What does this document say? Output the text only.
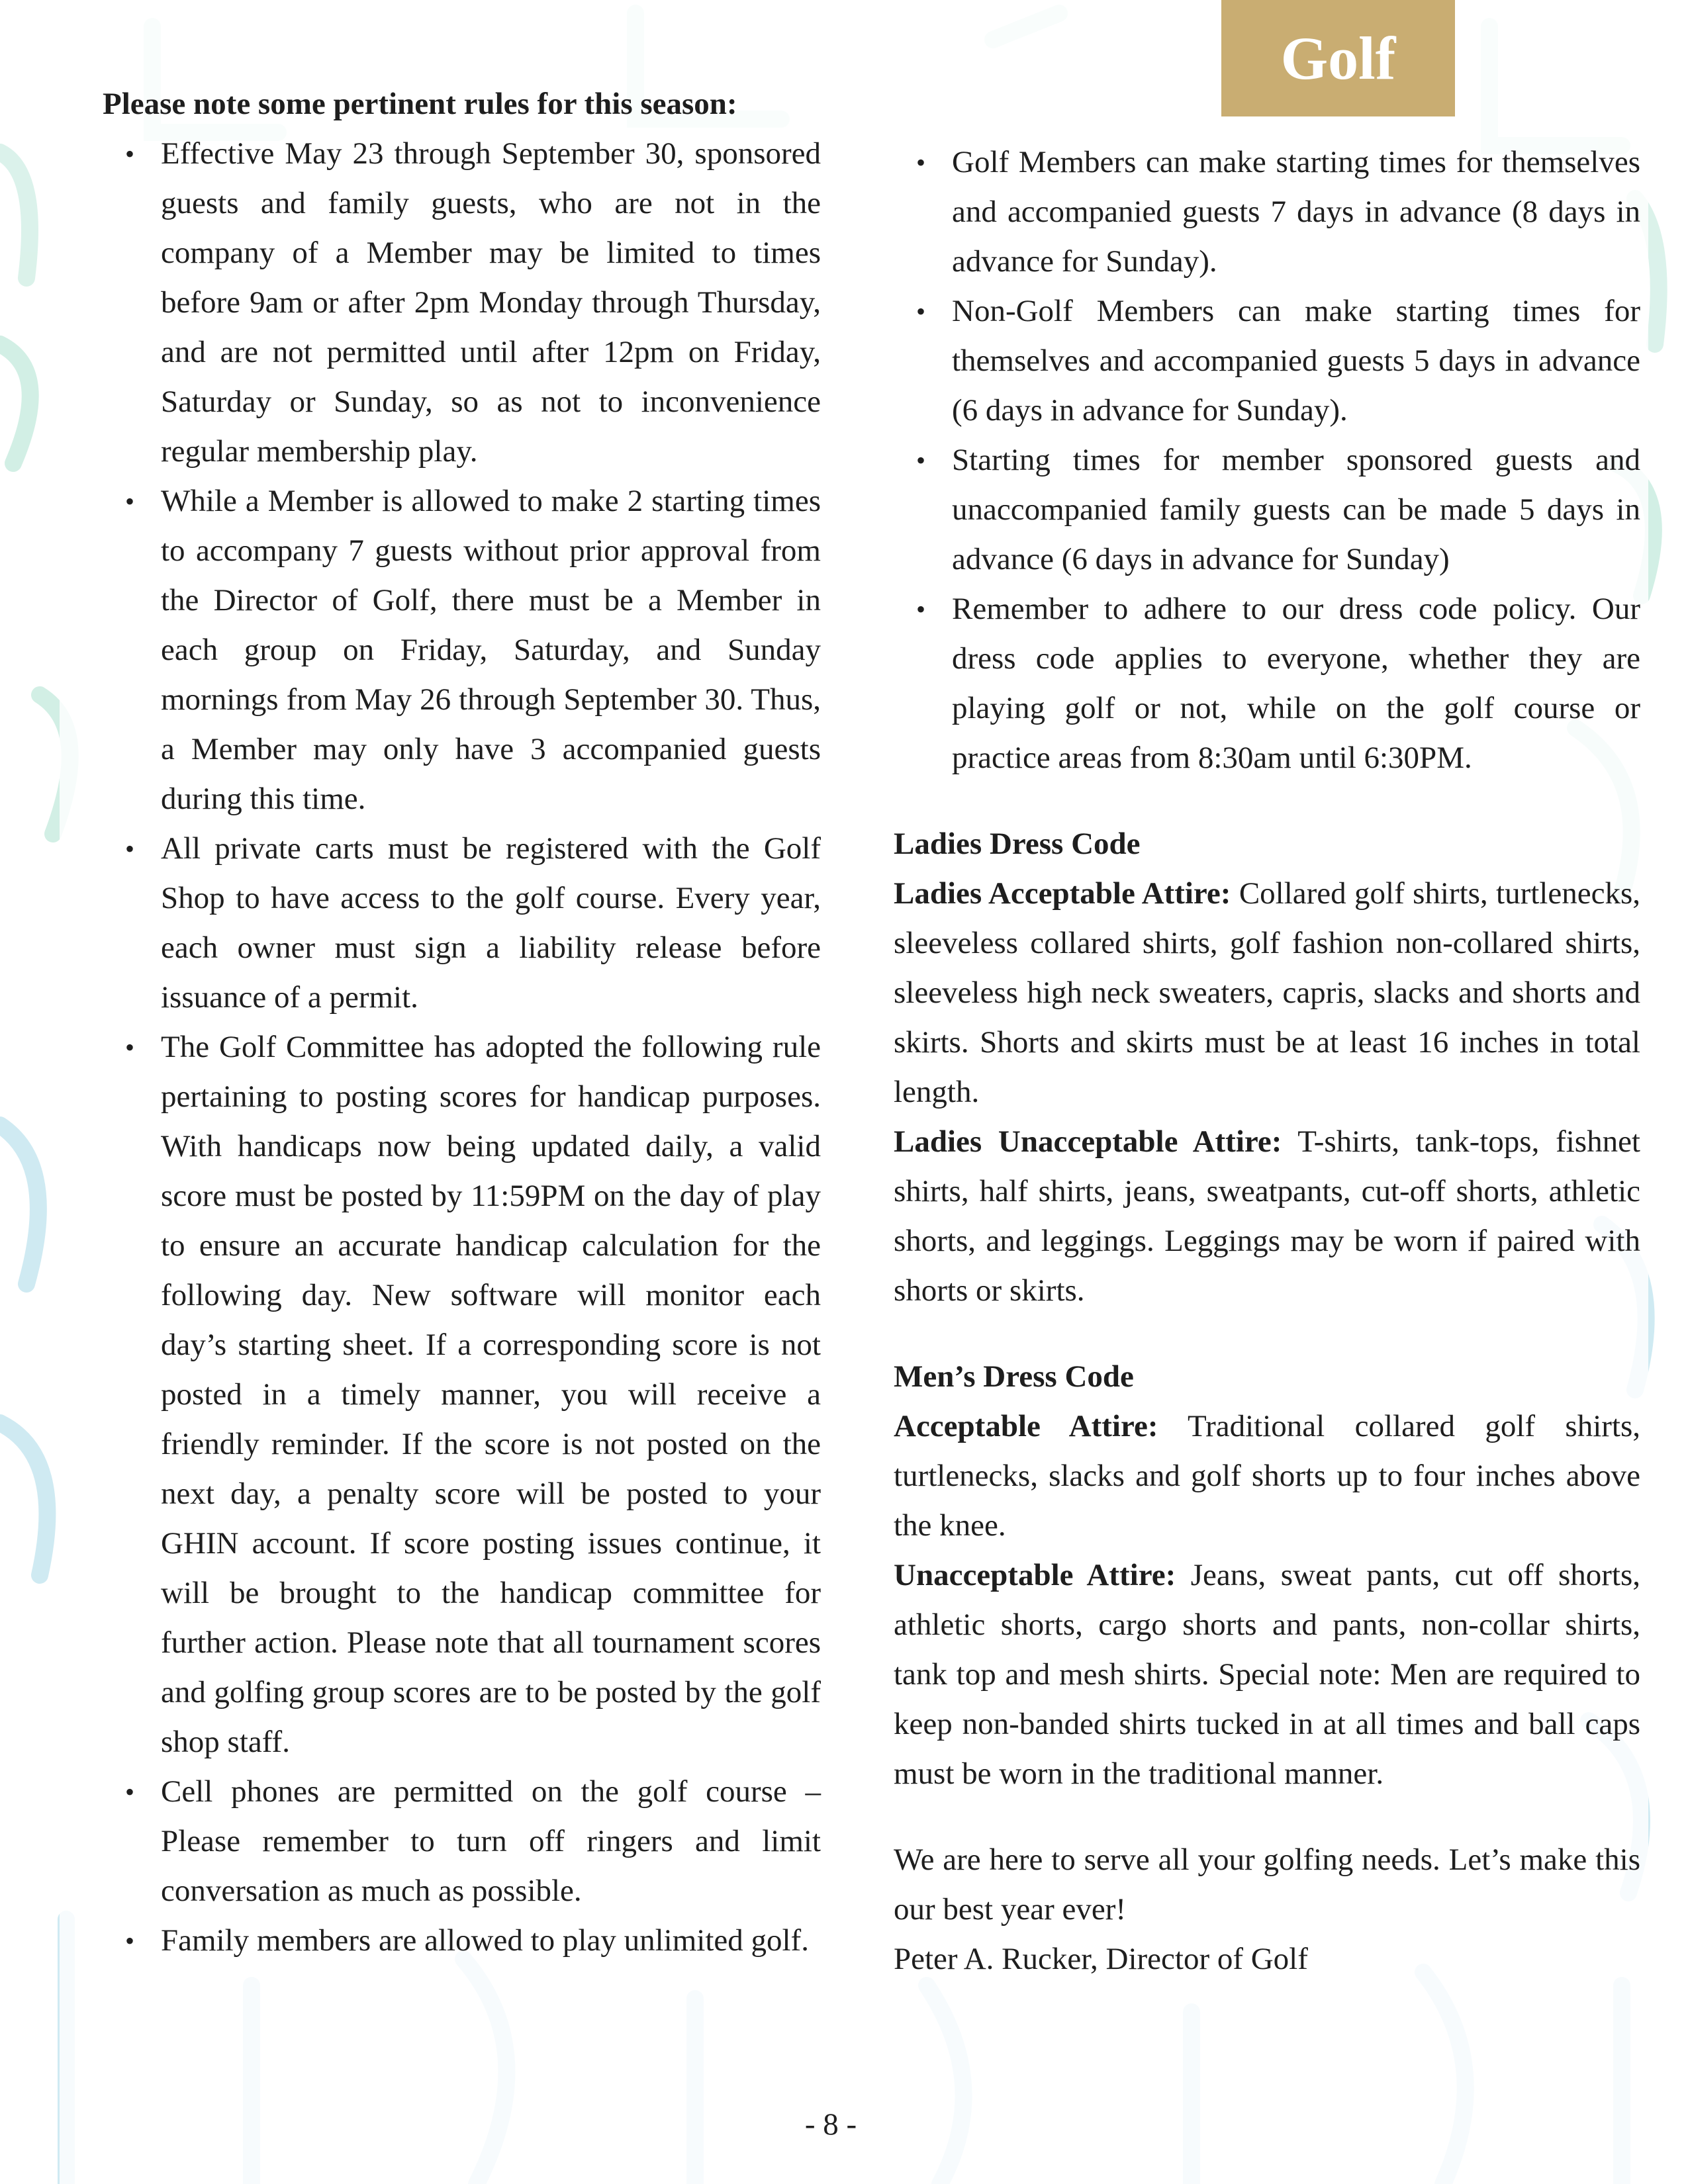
Golf

Please note some pertinent rules for this season:

• Effective May 23 through September 30, sponsored guests and family guests, who are not in the company of a Member may be limited to times before 9am or after 2pm Monday through Thursday, and are not permitted until after 12pm on Friday, Saturday or Sunday, so as not to inconvenience regular membership play.
• While a Member is allowed to make 2 starting times to accompany 7 guests without prior approval from the Director of Golf, there must be a Member in each group on Friday, Saturday, and Sunday mornings from May 26 through September 30. Thus, a Member may only have 3 accompanied guests during this time.
• All private carts must be registered with the Golf Shop to have access to the golf course. Every year, each owner must sign a liability release before issuance of a permit.
• The Golf Committee has adopted the following rule pertaining to posting scores for handicap purposes. With handicaps now being updated daily, a valid score must be posted by 11:59PM on the day of play to ensure an accurate handicap calculation for the following day. New software will monitor each day’s starting sheet. If a corresponding score is not posted in a timely manner, you will receive a friendly reminder. If the score is not posted on the next day, a penalty score will be posted to your GHIN account. If score posting issues continue, it will be brought to the handicap committee for further action. Please note that all tournament scores and golfing group scores are to be posted by the golf shop staff.
• Cell phones are permitted on the golf course – Please remember to turn off ringers and limit conversation as much as possible.
• Family members are allowed to play unlimited golf.
• Golf Members can make starting times for themselves and accompanied guests 7 days in advance (8 days in advance for Sunday).
• Non-Golf Members can make starting times for themselves and accompanied guests 5 days in advance (6 days in advance for Sunday).
• Starting times for member sponsored guests and unaccompanied family guests can be made 5 days in advance (6 days in advance for Sunday)
• Remember to adhere to our dress code policy. Our dress code applies to everyone, whether they are playing golf or not, while on the golf course or practice areas from 8:30am until 6:30PM.

Ladies Dress Code

Ladies Acceptable Attire: Collared golf shirts, turtlenecks, sleeveless collared shirts, golf fashion non-collared shirts, sleeveless high neck sweaters, capris, slacks and shorts and skirts. Shorts and skirts must be at least 16 inches in total length.

Ladies Unacceptable Attire: T-shirts, tank-tops, fishnet shirts, half shirts, jeans, sweatpants, cut-off shorts, athletic shorts, and leggings. Leggings may be worn if paired with shorts or skirts.

Men’s Dress Code

Acceptable Attire: Traditional collared golf shirts, turtlenecks, slacks and golf shorts up to four inches above the knee.

Unacceptable Attire: Jeans, sweat pants, cut off shorts, athletic shorts, cargo shorts and pants, non-collar shirts, tank top and mesh shirts. Special note: Men are required to keep non-banded shirts tucked in at all times and ball caps must be worn in the traditional manner.

We are here to serve all your golfing needs. Let’s make this our best year ever!

Peter A. Rucker, Director of Golf

- 8 -
